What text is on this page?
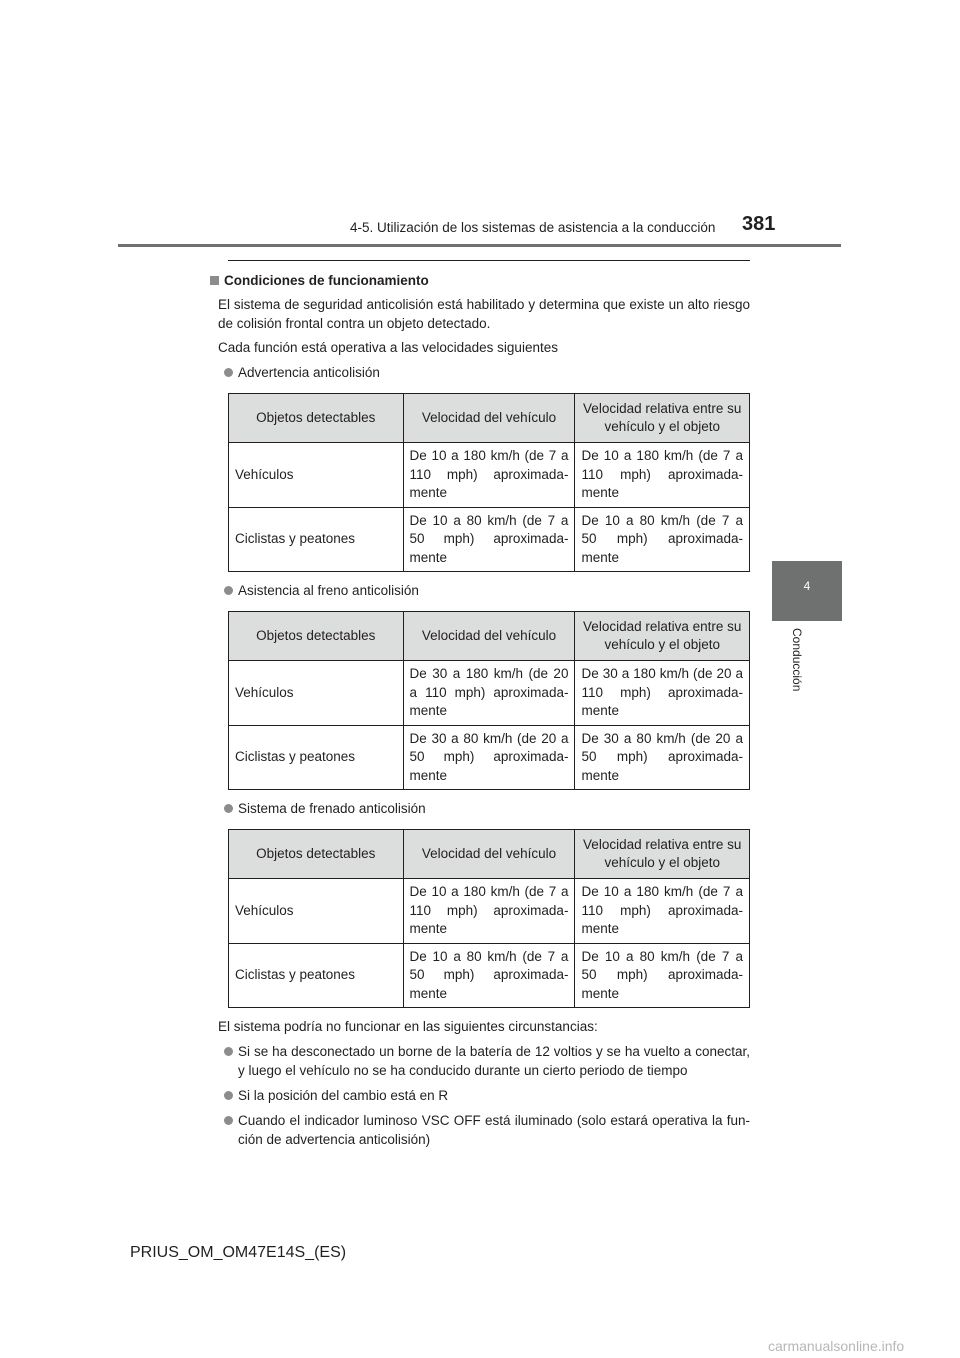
4-5. Utilización de los sistemas de asistencia a la conducción 381
4
Conducción
Condiciones de funcionamiento

El sistema de seguridad anticolisión está habilitado y determina que existe un alto riesgo de colisión frontal contra un objeto detectado.

Cada función está operativa a las velocidades siguientes

Advertencia anticolisión
Objetos detectables	Velocidad del vehículo	Velocidad relativa entre su vehículo y el objeto
Vehículos	De 10 a 180 km/h (de 7 a 110 mph) aproximada-mente	De 10 a 180 km/h (de 7 a 110 mph) aproximada-mente
Ciclistas y peatones	De 10 a 80 km/h (de 7 a 50 mph) aproximada-mente	De 10 a 80 km/h (de 7 a 50 mph) aproximada-mente
Asistencia al freno anticolisión
Objetos detectables	Velocidad del vehículo	Velocidad relativa entre su vehículo y el objeto
Vehículos	De 30 a 180 km/h (de 20 a 110 mph) aproximada-mente	De 30 a 180 km/h (de 20 a 110 mph) aproximada-mente
Ciclistas y peatones	De 30 a 80 km/h (de 20 a 50 mph) aproximada-mente	De 30 a 80 km/h (de 20 a 50 mph) aproximada-mente
Sistema de frenado anticolisión
Objetos detectables	Velocidad del vehículo	Velocidad relativa entre su vehículo y el objeto
Vehículos	De 10 a 180 km/h (de 7 a 110 mph) aproximada-mente	De 10 a 180 km/h (de 7 a 110 mph) aproximada-mente
Ciclistas y peatones	De 10 a 80 km/h (de 7 a 50 mph) aproximada-mente	De 10 a 80 km/h (de 7 a 50 mph) aproximada-mente

El sistema podría no funcionar en las siguientes circunstancias:

Si se ha desconectado un borne de la batería de 12 voltios y se ha vuelto a conectar, y luego el vehículo no se ha conducido durante un cierto periodo de tiempo
Si la posición del cambio está en R
Cuando el indicador luminoso VSC OFF está iluminado (solo estará operativa la fun-ción de advertencia anticolisión)
PRIUS_OM_OM47E14S_(ES)
carmanualsonline.info
